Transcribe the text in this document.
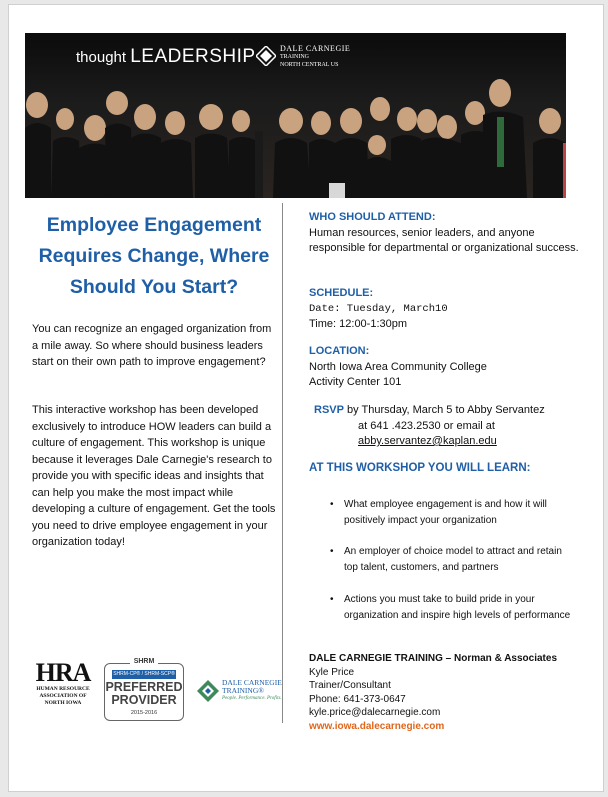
thought LEADERSHIP	DALE CARNEGIE
TRAINING
NORTH CENTRAL US
Employee Engagement
Requires Change, Where
Should You Start?

You can recognize an engaged organization from a mile away. So where should business leaders start on their own path to improve engagement?

This interactive workshop has been developed exclusively to introduce HOW leaders can build a culture of engagement. This workshop is unique because it leverages Dale Carnegie's research to provide you with specific ideas and insights that can help you make the most impact while developing a culture of engagement. Get the tools you need to drive employee engagement in your organization today!

WHO SHOULD ATTEND:
Human resources, senior leaders, and anyone responsible for departmental or organizational success.
SCHEDULE:
Date: Tuesday, March10
Time: 12:00-1:30pm
LOCATION:
North Iowa Area Community College
Activity Center 101
RSVP by Thursday, March 5 to Abby Servantez
at 641 .423.2530 or email at
abby.servantez@kaplan.edu
AT THIS WORKSHOP YOU WILL LEARN:
•	What employee engagement is and how it will positively impact your organization
•	An employer of choice model to attract and retain top talent, customers, and partners
•	Actions you must take to build pride in your organization and inspire high levels of performance
HRA
HUMAN RESOURCE
ASSOCIATION OF
NORTH IOWA
SHRM
SHRM-CP® / SHRM-SCP®
PREFERRED
PROVIDER
2015-2016
DALE CARNEGIE
TRAINING®
People. Performance. Profits.
DALE CARNEGIE TRAINING – Norman & Associates
Kyle Price
Trainer/Consultant
Phone: 641-373-0647
kyle.price@dalecarnegie.com
www.iowa.dalecarnegie.com
